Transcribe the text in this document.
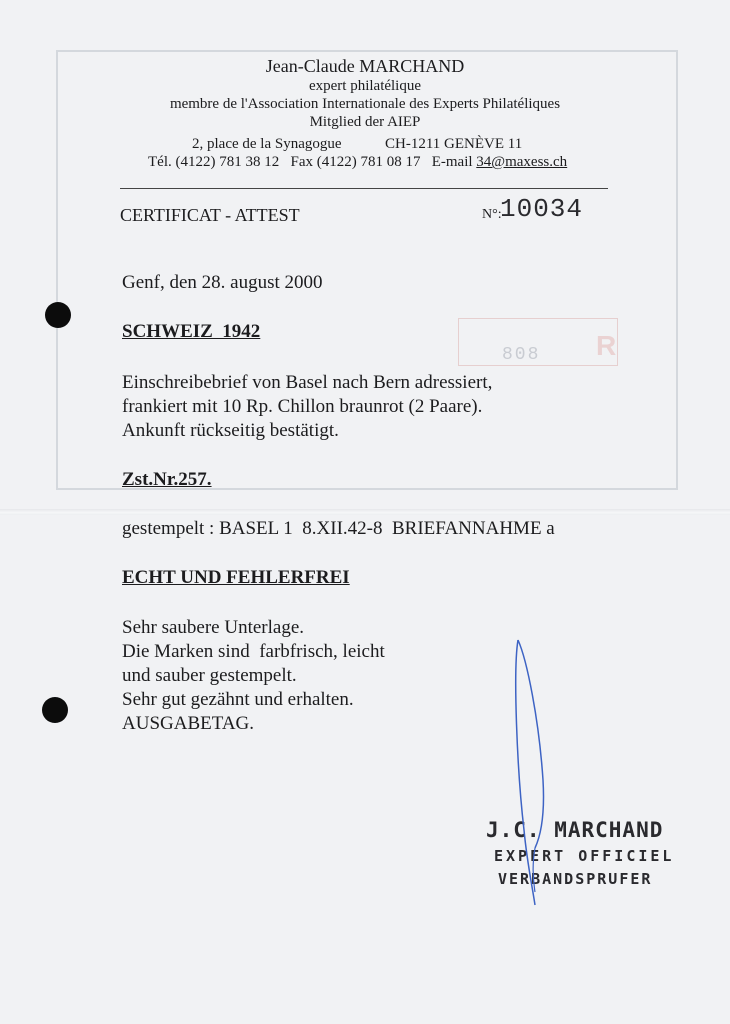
808 R
Jean-Claude MARCHAND
expert philatélique
membre de l'Association Internationale des Experts Philatéliques
Mitglied der AIEP
2, place de la Synagogue	CH-1211 GENÈVE 11
Tél. (4122) 781 38 12   Fax (4122) 781 08 17   E-mail 34@maxess.ch
CERTIFICAT - ATTEST	N°:
10034
Genf, den 28. august 2000
SCHWEIZ  1942
Einschreibebrief von Basel nach Bern adressiert,
frankiert mit 10 Rp. Chillon braunrot (2 Paare).
Ankunft rückseitig bestätigt.
Zst.Nr.257.
gestempelt : BASEL 1  8.XII.42-8  BRIEFANNAHME a
ECHT UND FEHLERFREI
Sehr saubere Unterlage.
Die Marken sind  farbfrisch, leicht
und sauber gestempelt.
Sehr gut gezähnt und erhalten.
AUSGABETAG.
J.C. MARCHAND
EXPERT OFFICIEL
VERBANDSPRUFER
